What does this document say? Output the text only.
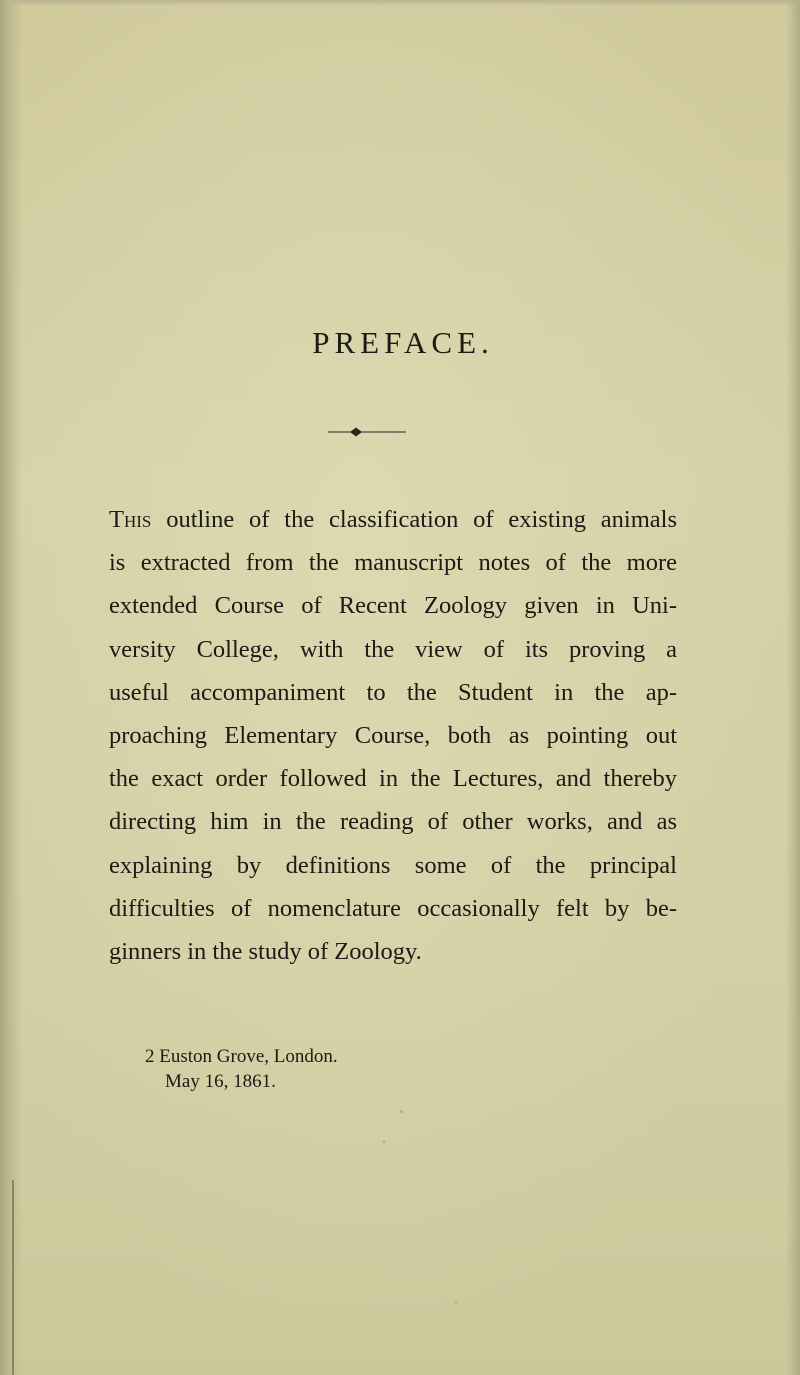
PREFACE.
This outline of the classification of existing animals
is extracted from the manuscript notes of the more
extended Course of Recent Zoology given in Uni-
versity College, with the view of its proving a
useful accompaniment to the Student in the ap-
proaching Elementary Course, both as pointing out
the exact order followed in the Lectures, and thereby
directing him in the reading of other works, and as
explaining by definitions some of the principal
difficulties of nomenclature occasionally felt by be-
ginners in the study of Zoology.
2 Euston Grove, London.
May 16, 1861.
